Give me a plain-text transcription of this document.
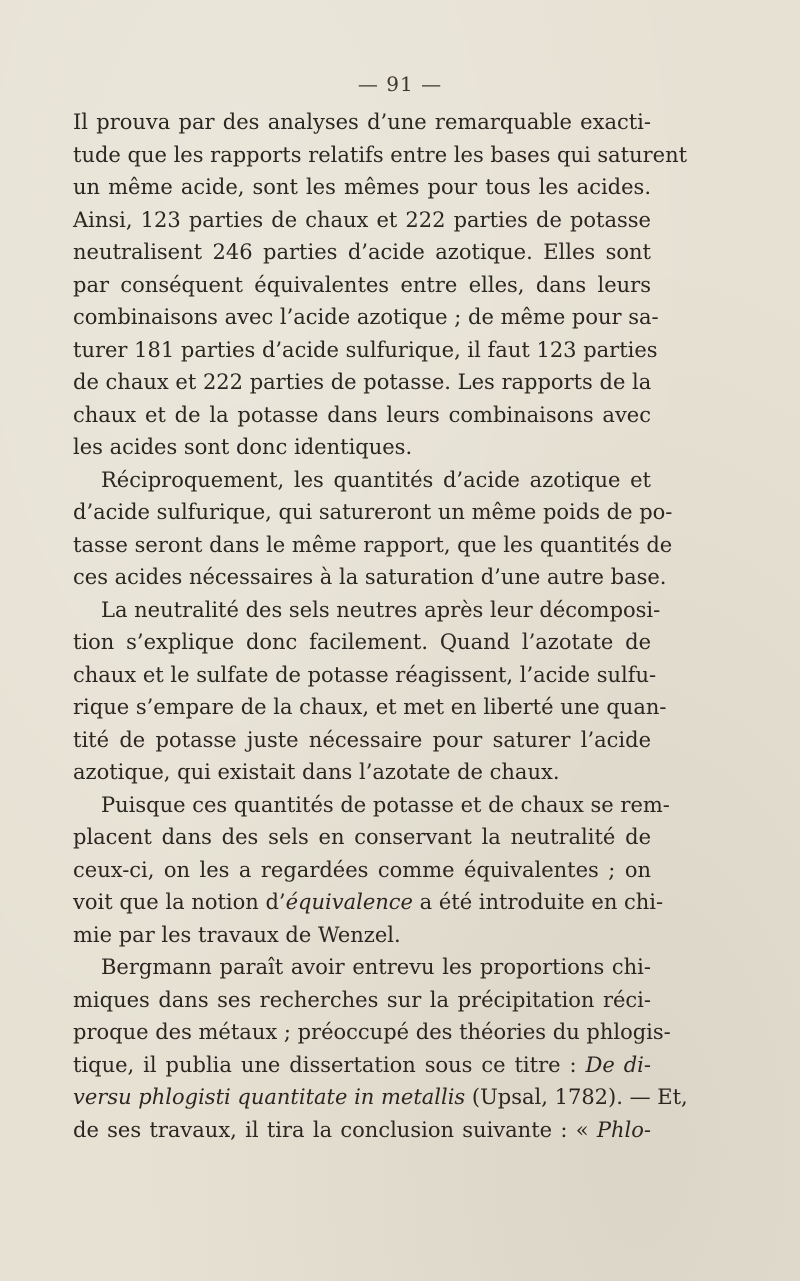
— 91 —
Il prouva par des analyses d’une remarquable exacti-
tude que les rapports relatifs entre les bases qui saturent
un même acide, sont les mêmes pour tous les acides.
Ainsi, 123 parties de chaux et 222 parties de potasse
neutralisent 246 parties d’acide azotique. Elles sont
par conséquent équivalentes entre elles, dans leurs
combinaisons avec l’acide azotique ; de même pour sa-
turer 181 parties d’acide sulfurique, il faut 123 parties
de chaux et 222 parties de potasse. Les rapports de la
chaux et de la potasse dans leurs combinaisons avec
les acides sont donc identiques.
Réciproquement, les quantités d’acide azotique et
d’acide sulfurique, qui satureront un même poids de po-
tasse seront dans le même rapport, que les quantités de
ces acides nécessaires à la saturation d’une autre base.
La neutralité des sels neutres après leur décomposi-
tion s’explique donc facilement. Quand l’azotate de
chaux et le sulfate de potasse réagissent, l’acide sulfu-
rique s’empare de la chaux, et met en liberté une quan-
tité de potasse juste nécessaire pour saturer l’acide
azotique, qui existait dans l’azotate de chaux.
Puisque ces quantités de potasse et de chaux se rem-
placent dans des sels en conservant la neutralité de
ceux-ci, on les a regardées comme équivalentes ; on
voit que la notion d’équivalence a été introduite en chi-
mie par les travaux de Wenzel.
Bergmann paraît avoir entrevu les proportions chi-
miques dans ses recherches sur la précipitation réci-
proque des métaux ; préoccupé des théories du phlogis-
tique, il publia une dissertation sous ce titre : De di-
versu phlogisti quantitate in metallis (Upsal, 1782). — Et,
de ses travaux, il tira la conclusion suivante : « Phlo-
